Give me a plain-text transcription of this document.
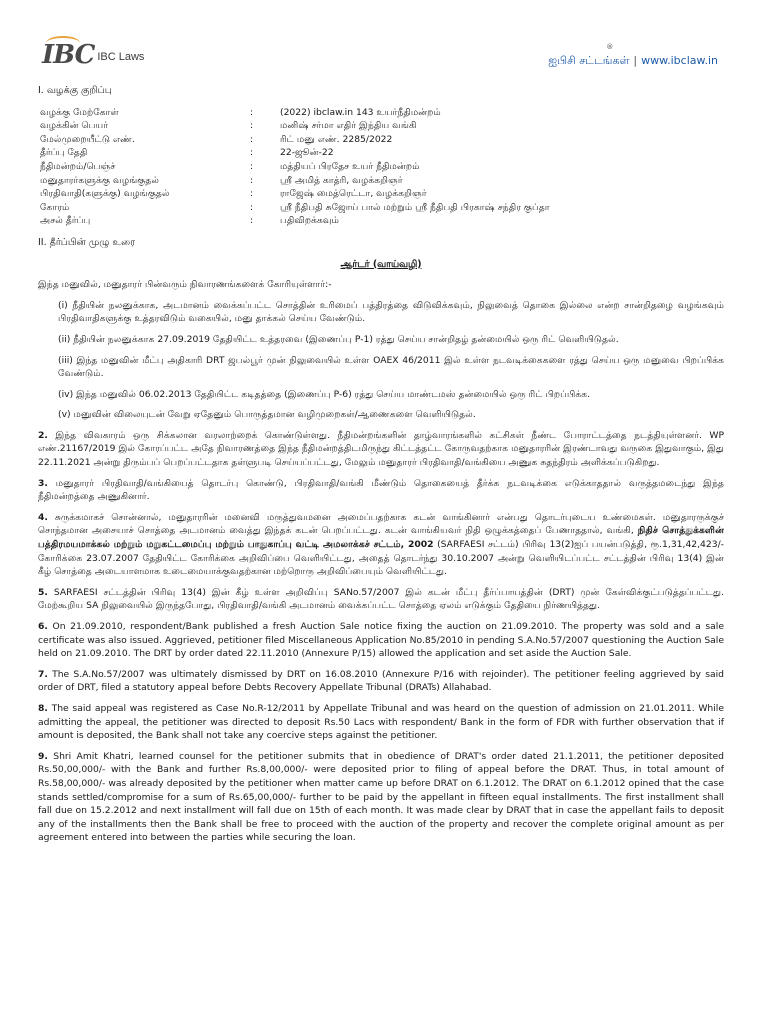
IBC IBC Laws
®
ஐபிசி சட்டங்கள் | www.ibclaw.in
I. வழக்கு குறிப்பு
வழக்கு மேற்கோள்	:	(2022) ibclaw.in 143 உயர்நீதிமன்றம்
வழக்கின் பெயர்	:	மனிஷ் சர்மா எதிர் இந்திய வங்கி
மேல்முறையீட்டு எண்.	:	ரிட் மனு எண். 2285/2022
தீர்ப்பு தேதி	:	22-ஜூன்-22
நீதிமன்றம்/பெஞ்ச்	:	மத்தியப் பிரதேச உயர் நீதிமன்றம்
மனுதாரர்களுக்கு வழங்குதல்	:	ஸ்ரீ அமித் காத்ரி, வழக்கறிஞர்
பிரதிவாதி(களுக்கு) வழங்குதல்	:	ராஜேஷ் மைத்ரெட்டா, வழக்கறிஞர்
கோரம்	:	ஸ்ரீ நீதிபதி சுஜோய் பால் மற்றும் ஸ்ரீ நீதிபதி பிரகாஷ் சந்திர குப்தா
அசல் தீர்ப்பு	:	பதிவிறக்கவும்
II. தீர்ப்பின் முழு உரை
ஆர்டர் (வாய்வழி)

இந்த மனுவில், மனுதாரர் பின்வரும் நிவாரணங்களைக் கோரியுள்ளார்:-

(i) நீதியின் நலனுக்காக, அடமானம் வைக்கப்பட்ட சொத்தின் உரிமைப் பத்திரத்தை விடுவிக்கவும், நிலுவைத் தொகை இல்லை என்ற சான்றிதழை வழங்கவும் பிரதிவாதிகளுக்கு உத்தரவிடும் வகையில், மனு தாக்கல் செய்ய வேண்டும்.
(ii) நீதியின் நலனுக்காக 27.09.2019 தேதியிட்ட உத்தரவை (இணைப்பு P-1) ரத்து செய்ய சான்றிதழ் தன்மையில் ஒரு ரிட் வெளியிடுதல்.
(iii) இந்த மனுவின் மீட்பு அதிகாரி DRT ஜபல்பூர் முன் நிலுவையில் உள்ள OAEX 46/2011 இல் உள்ள நடவடிக்கைகளை ரத்து செய்ய ஒரு மனுவை பிறப்பிக்க வேண்டும்.
(iv) இந்த மனுவில் 06.02.2013 தேதியிட்ட கடிதத்தை (இணைப்பு P-6) ரத்து செய்ய மாண்டமஸ் தன்மையில் ஒரு ரிட் பிறப்பிக்க.
(v) மனுவின் விலையுடன் வேறு ஏதேனும் பொருத்தமான வழிமுறைகள்/ஆணைகளை வெளியிடுதல்.

2. இந்த விவகாரம் ஒரு சிக்கலான வரலாற்றைக் கொண்டுள்ளது. நீதிமன்றங்களின் தாழ்வாரங்களில் கட்சிகள் நீண்ட போராட்டத்தை நடத்தியுள்ளனர். WP எண்.21167/2019 இல் கோரப்பட்ட அதே நிவாரணத்தை இந்த நீதிமன்றத்திடமிருந்து கிட்டத்தட்ட கோருவதற்காக மனுதாரரின் இரண்டாவது வருகை இதுவாகும், இது 22.11.2021 அன்று திரும்பப் பெறப்பட்டதாக தள்ளுபடி செய்யப்பட்டது, மேலும் மனுதாரர் பிரதிவாதி/வங்கியை அணுக சுதந்திரம் அளிக்கப்படுகிறது.

3. மனுதாரர் பிரதிவாதி/வங்கியைத் தொடர்பு கொண்டு, பிரதிவாதி/வங்கி மீண்டும் தொகையைத் தீர்க்க நடவடிக்கை எடுக்காததால் வருத்தமடைந்து இந்த நீதிமன்றத்தை அணுகினார்.

4. சுருக்கமாகச் சொன்னால், மனுதாரரின் மனைவி மருத்துவமனை அமைப்பதற்காக கடன் வாங்கினார் என்பது தொடர்புடைய உண்மைகள். மனுதாரருக்குச் சொந்தமான அசையாச் சொத்தை அடமானம் வைத்து இந்தக் கடன் பெறப்பட்டது. கடன் வாங்கியவர் நிதி ஒழுக்கத்தைப் பேணாததால், வங்கி, நிதிச் சொத்துக்களின் பத்திரமயமாக்கல் மற்றும் மறுகட்டமைப்பு மற்றும் பாதுகாப்பு வட்டி அமலாக்கச் சட்டம், 2002 (SARFAESI சட்டம்) பிரிவு 13(2)ஐப் பயன்படுத்தி, ரூ.1,31,42,423/- கோரிக்கை 23.07.2007 தேதியிட்ட கோரிக்கை அறிவிப்பை வெளியிட்டது, அதைத் தொடர்ந்து 30.10.2007 அன்று வெளியிடப்பட்ட சட்டத்தின் பிரிவு 13(4) இன் கீழ் சொத்தை அடையாளமாக உடைமையாக்குவதற்கான மற்றொரு அறிவிப்பையும் வெளியிட்டது.

5. SARFAESI சட்டத்தின் பிரிவு 13(4) இன் கீழ் உள்ள அறிவிப்பு SANo.57/2007 இல் கடன் மீட்பு தீர்ப்பாயத்தின் (DRT) முன் கேள்விக்குட்படுத்தப்பட்டது. மேற்கூறிய SA நிலுவையில் இருந்தபோது, பிரதிவாதி/வங்கி அடமானம் வைக்கப்பட்ட சொத்தை ஏலம் எடுக்கும் தேதியை நிர்ணயித்தது.

6. On 21.09.2010, respondent/Bank published a fresh Auction Sale notice fixing the auction on 21.09.2010. The property was sold and a sale certificate was also issued. Aggrieved, petitioner filed Miscellaneous Application No.85/2010 in pending S.A.No.57/2007 questioning the Auction Sale held on 21.09.2010. The DRT by order dated 22.11.2010 (Annexure P/15) allowed the application and set aside the Auction Sale.

7. The S.A.No.57/2007 was ultimately dismissed by DRT on 16.08.2010 (Annexure P/16 with rejoinder). The petitioner feeling aggrieved by said order of DRT, filed a statutory appeal before Debts Recovery Appellate Tribunal (DRATs) Allahabad.

8. The said appeal was registered as Case No.R-12/2011 by Appellate Tribunal and was heard on the question of admission on 21.01.2011. While admitting the appeal, the petitioner was directed to deposit Rs.50 Lacs with respondent/ Bank in the form of FDR with further observation that if amount is deposited, the Bank shall not take any coercive steps against the petitioner.

9. Shri Amit Khatri, learned counsel for the petitioner submits that in obedience of DRAT's order dated 21.1.2011, the petitioner deposited Rs.50,00,000/- with the Bank and further Rs.8,00,000/- were deposited prior to filing of appeal before the DRAT. Thus, in total amount of Rs.58,00,000/- was already deposited by the petitioner when matter came up before DRAT on 6.1.2012. The DRAT on 6.1.2012 opined that the case stands settled/compromise for a sum of Rs.65,00,000/- further to be paid by the appellant in fifteen equal installments. The first installment shall fall due on 15.2.2012 and next installment will fall due on 15th of each month. It was made clear by DRAT that in case the appellant fails to deposit any of the installments then the Bank shall be free to proceed with the auction of the property and recover the complete original amount as per agreement entered into between the parties while securing the loan.
